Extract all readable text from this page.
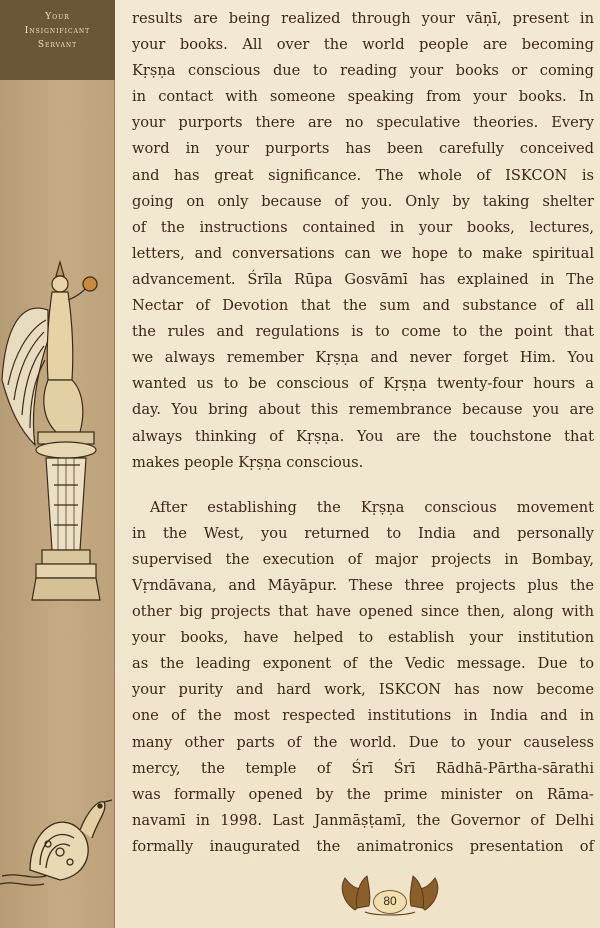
Your
Insignificant
Servant
results are being realized through your vāṇī, present in
your books. All over the world people are becoming
Kṛṣṇa conscious due to reading your books or coming
in contact with someone speaking from your books. In
your purports there are no speculative theories. Every
word in your purports has been carefully conceived
and has great significance. The whole of ISKCON is
going on only because of you. Only by taking shelter
of the instructions contained in your books, lectures,
letters, and conversations can we hope to make spiritual
advancement. Śrīla Rūpa Gosvāmī has explained in The
Nectar of Devotion that the sum and substance of all
the rules and regulations is to come to the point that
we always remember Kṛṣṇa and never forget Him. You
wanted us to be conscious of Kṛṣṇa twenty-four hours a
day. You bring about this remembrance because you are
always thinking of Kṛṣṇa. You are the touchstone that
makes people Kṛṣṇa conscious.
After establishing the Kṛṣṇa conscious movement
in the West, you returned to India and personally
supervised the execution of major projects in Bombay,
Vṛndāvana, and Māyāpur. These three projects plus the
other big projects that have opened since then, along with
your books, have helped to establish your institution
as the leading exponent of the Vedic message. Due to
your purity and hard work, ISKCON has now become
one of the most respected institutions in India and in
many other parts of the world. Due to your causeless
mercy, the temple of Śrī Śrī Rādhā-Pārtha-sārathi
was formally opened by the prime minister on Rāma-
navamī in 1998. Last Janmāṣṭamī, the Governor of Delhi
formally inaugurated the animatronics presentation of
80
